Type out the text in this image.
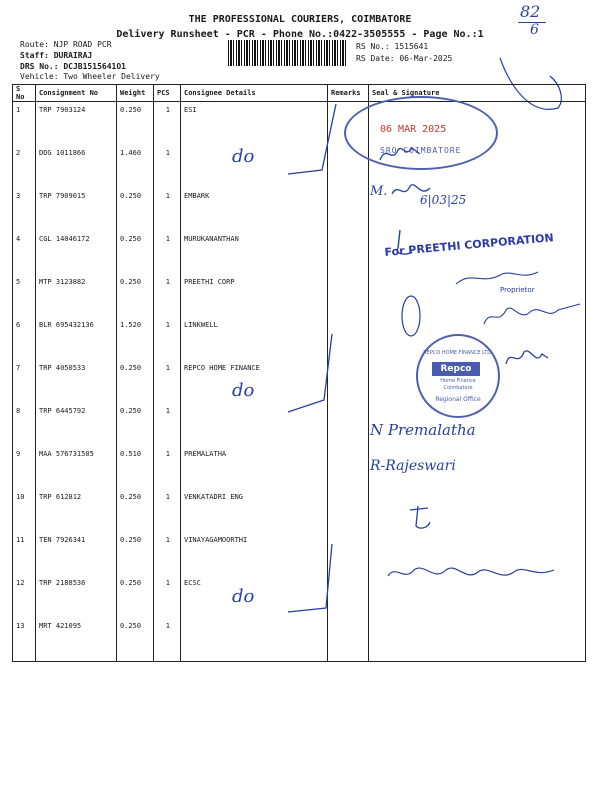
THE PROFESSIONAL COURIERS, COIMBATORE
Delivery Runsheet - PCR - Phone No.:0422-3505555 - Page No.:1
Route: NJP ROAD PCR
Staff: DURAIRAJ
DRS No.: DCJB1515641O1
Vehicle: Two Wheeler Delivery
RS No.: 1515641
RS Date: 06-Mar-2025
82
6
S No	Consignment No	Weight	PCS	Consignee Details	Remarks	Seal & Signature
1	TRP 7903124	0.250	1	ESI		
2	DDG 1011866	1.460	1			
3	TRP 7909015	0.250	1	EMBARK		
4	CGL 14046172	0.250	1	MURUKANANTHAN		
5	MTP 3123882	0.250	1	PREETHI CORP		
6	BLR 695432136	1.520	1	LINKWELL		
7	TRP 4050533	0.250	1	REPCO HOME FINANCE		
8	TRP 6445792	0.250	1			
9	MAA 576731505	0.510	1	PREMALATHA		
10	TRP 612812	0.250	1	VENKATADRI ENG		
11	TEN 7926341	0.250	1	VINAYAGAMOORTHI		
12	TRP 2188536	0.250	1	ECSC		
13	MRT 421095	0.250	1			
do
do
do
06 MAR 2025
SRO COIMBATORE
M.
6|03|25
For PREETHI CORPORATION
Proprietor
REPCO HOME FINANCE LTD.
Repco
Home Finance
Coimbatore
Regional Office
N Premalatha
R-Rajeswari
